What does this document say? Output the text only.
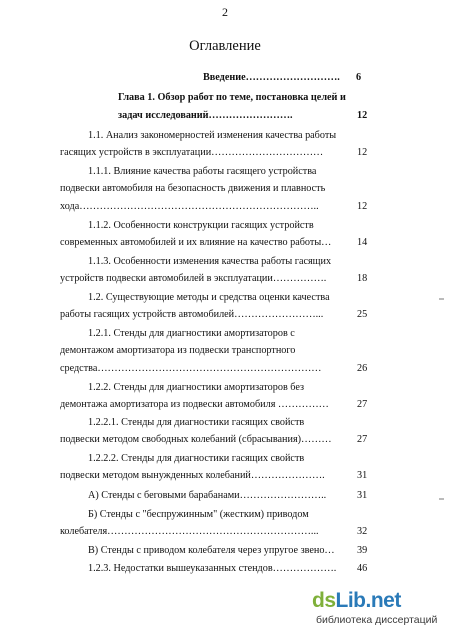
2
Оглавление
Введение………………………. 6
Глава 1. Обзор работ по теме, постановка целей и
задач исследований…………………….	12
1.1. Анализ закономерностей изменения качества работы
гасящих устройств в эксплуатации……………………………	12
1.1.1. Влияние качества работы гасящего устройства
подвески автомобиля на безопасность движения и плавность
хода……………………………………………………………..	12
1.1.2. Особенности конструкции гасящих устройств
современных автомобилей и их влияние на качество работы…	14
1.1.3. Особенности изменения качества работы гасящих
устройств подвески автомобилей в эксплуатации…………….	18
1.2. Существующие методы и средства оценки качества
работы гасящих устройств автомобилей……………………...	25
1.2.1. Стенды для диагностики амортизаторов с
демонтажом амортизатора из подвески транспортного
средства…………………………………………………………	26
1.2.2. Стенды для диагностики амортизаторов без
демонтажа амортизатора из подвески автомобиля ……………	27
1.2.2.1. Стенды для диагностики гасящих свойств
подвески методом свободных колебаний (сбрасывания)……… 27
1.2.2.2. Стенды для диагностики гасящих свойств
подвески методом вынужденных колебаний………………….	31
А) Стенды с беговыми барабанами……………………..	31
Б) Стенды с "беспружинным" (жестким) приводом
колебателя……………………………………………………...	32
В) Стенды с приводом колебателя через упругое звено… 39
1.2.3. Недостатки вышеуказанных стендов………………. 46
dsLib.net
библиотека диссертаций
